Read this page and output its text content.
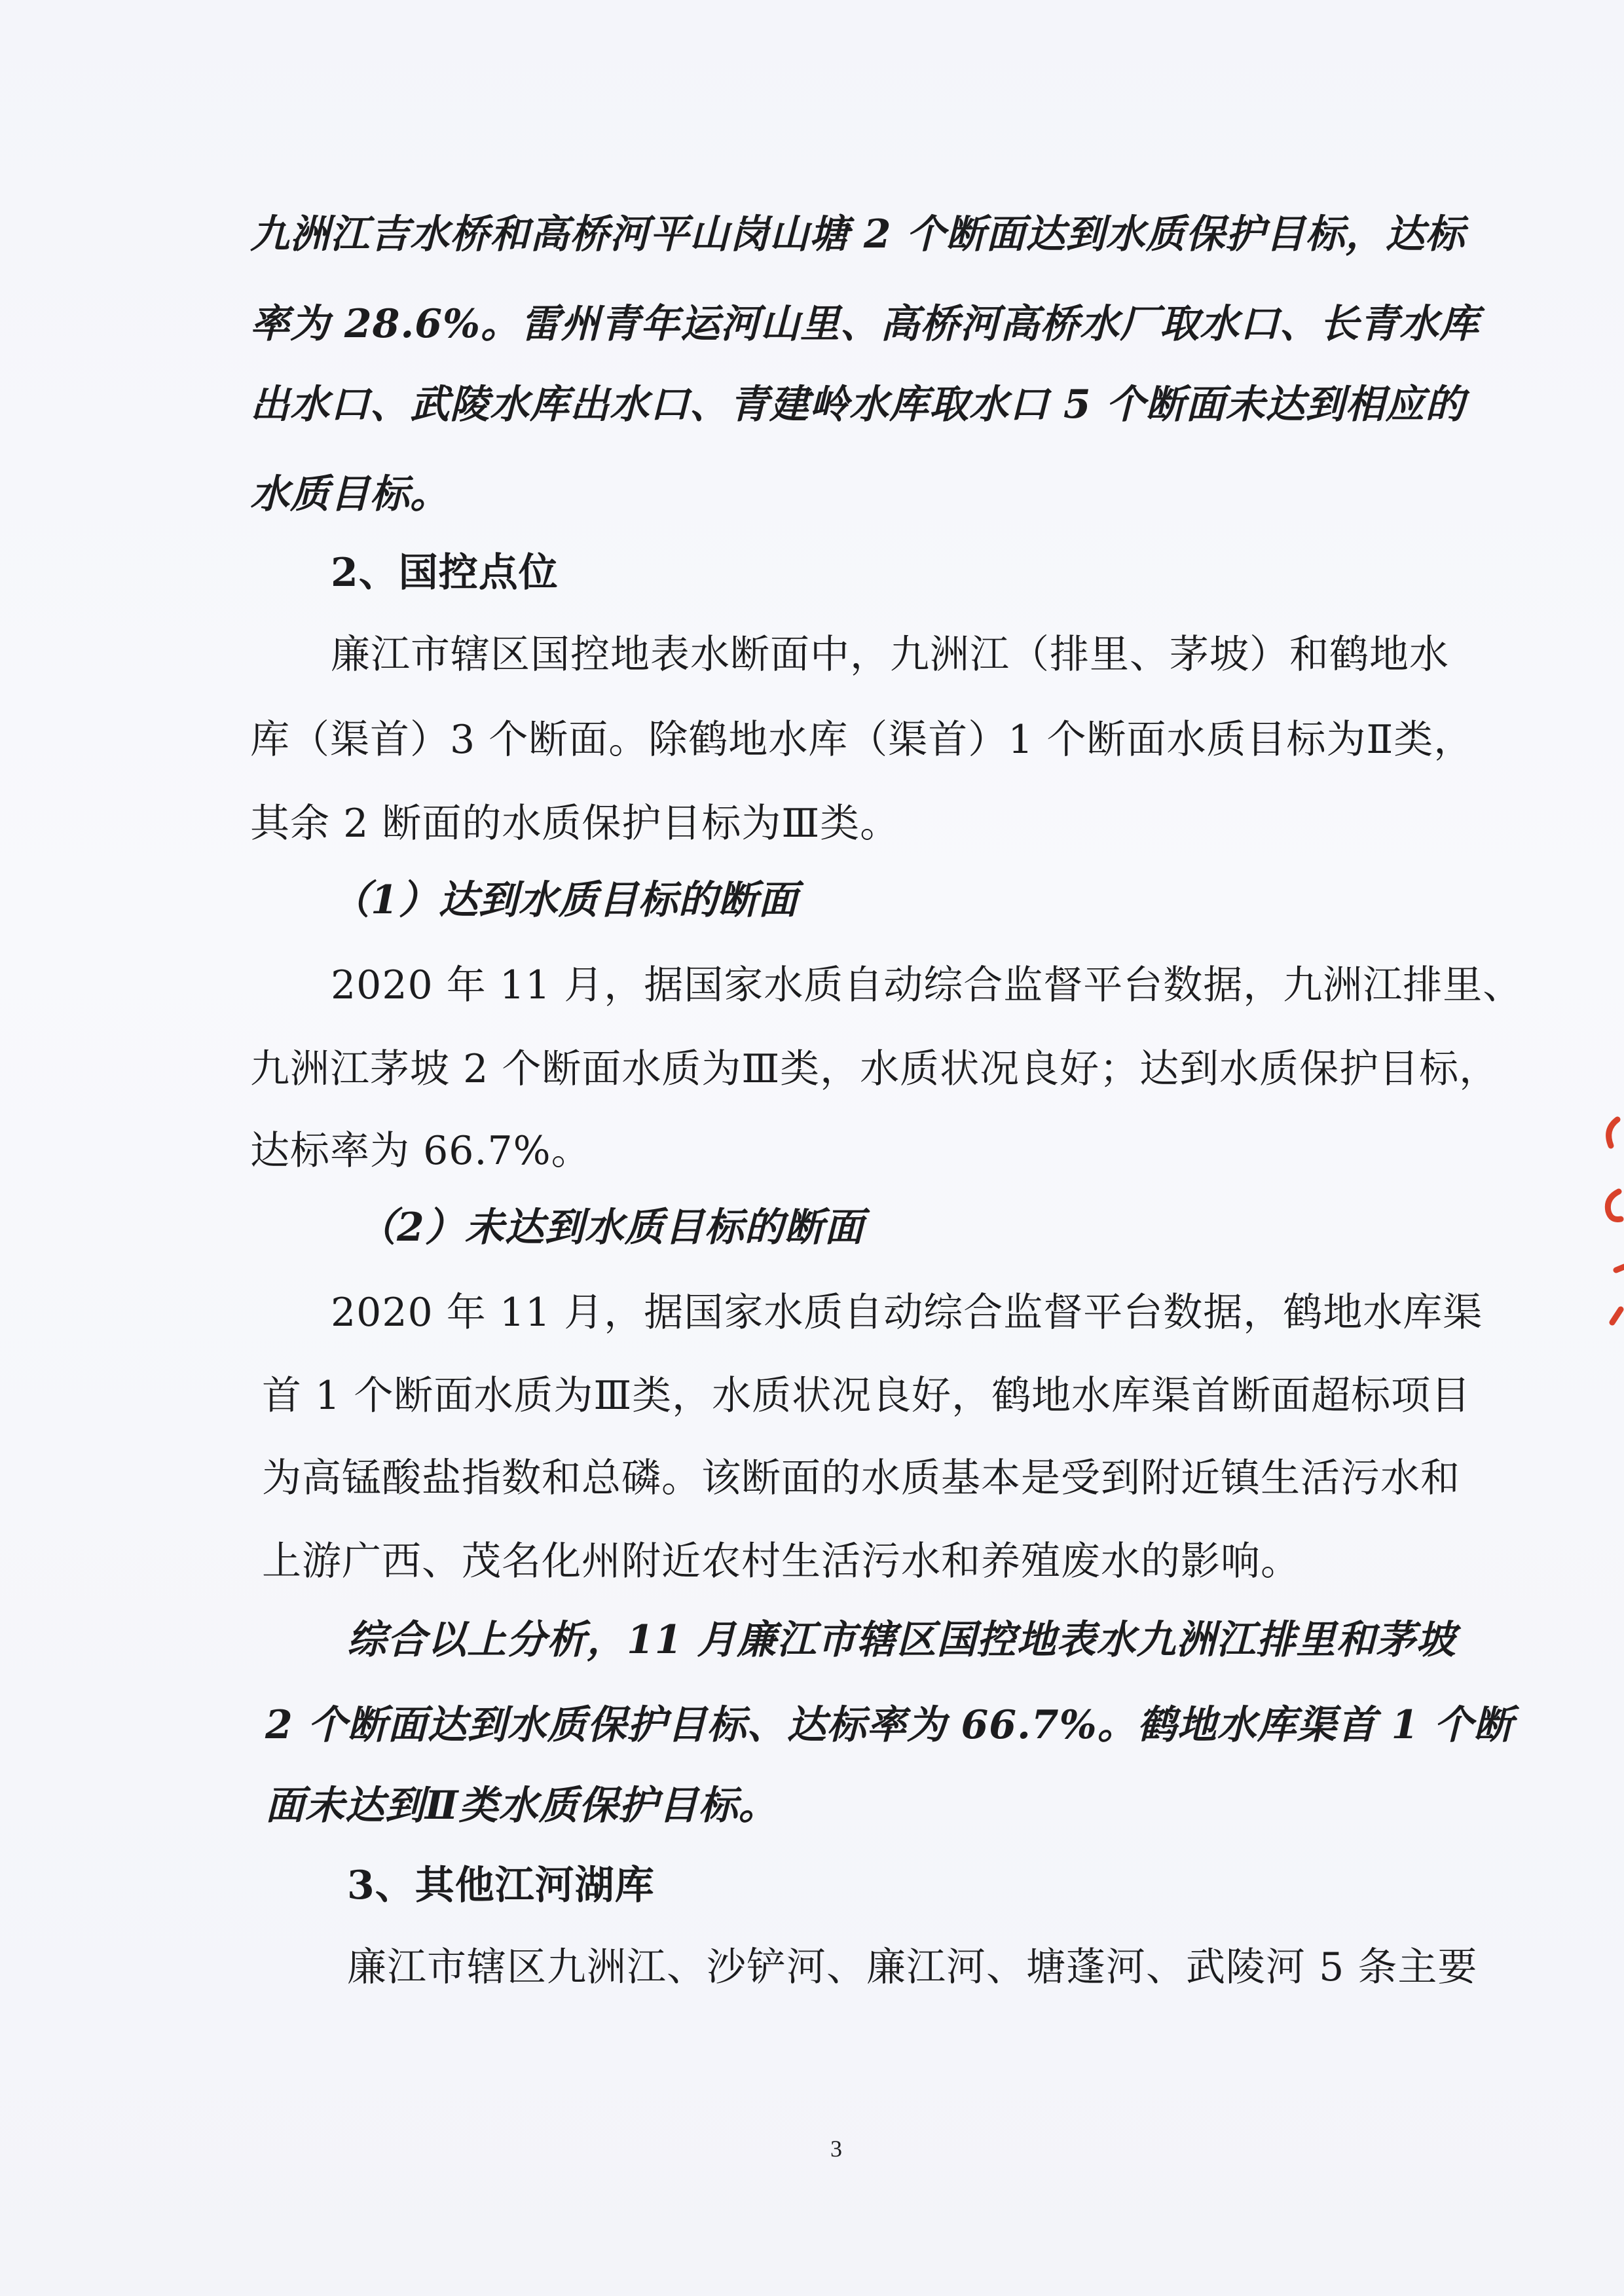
九洲江吉水桥和高桥河平山岗山塘 2 个断面达到水质保护目标，达标
率为 28.6%。雷州青年运河山里、高桥河高桥水厂取水口、长青水库
出水口、武陵水库出水口、青建岭水库取水口 5 个断面未达到相应的
水质目标。
2、国控点位
廉江市辖区国控地表水断面中，九洲江（排里、茅坡）和鹤地水
库（渠首）3 个断面。除鹤地水库（渠首）1 个断面水质目标为Ⅱ类，
其余 2 断面的水质保护目标为Ⅲ类。
（1）达到水质目标的断面
2020 年 11 月，据国家水质自动综合监督平台数据，九洲江排里、
九洲江茅坡 2 个断面水质为Ⅲ类，水质状况良好；达到水质保护目标，
达标率为 66.7%。
（2）未达到水质目标的断面
2020 年 11 月，据国家水质自动综合监督平台数据，鹤地水库渠
首 1 个断面水质为Ⅲ类，水质状况良好，鹤地水库渠首断面超标项目
为高锰酸盐指数和总磷。该断面的水质基本是受到附近镇生活污水和
上游广西、茂名化州附近农村生活污水和养殖废水的影响。
综合以上分析，11 月廉江市辖区国控地表水九洲江排里和茅坡
2 个断面达到水质保护目标、达标率为 66.7%。鹤地水库渠首 1 个断
面未达到Ⅱ类水质保护目标。
3、其他江河湖库
廉江市辖区九洲江、沙铲河、廉江河、塘蓬河、武陵河 5 条主要
3
